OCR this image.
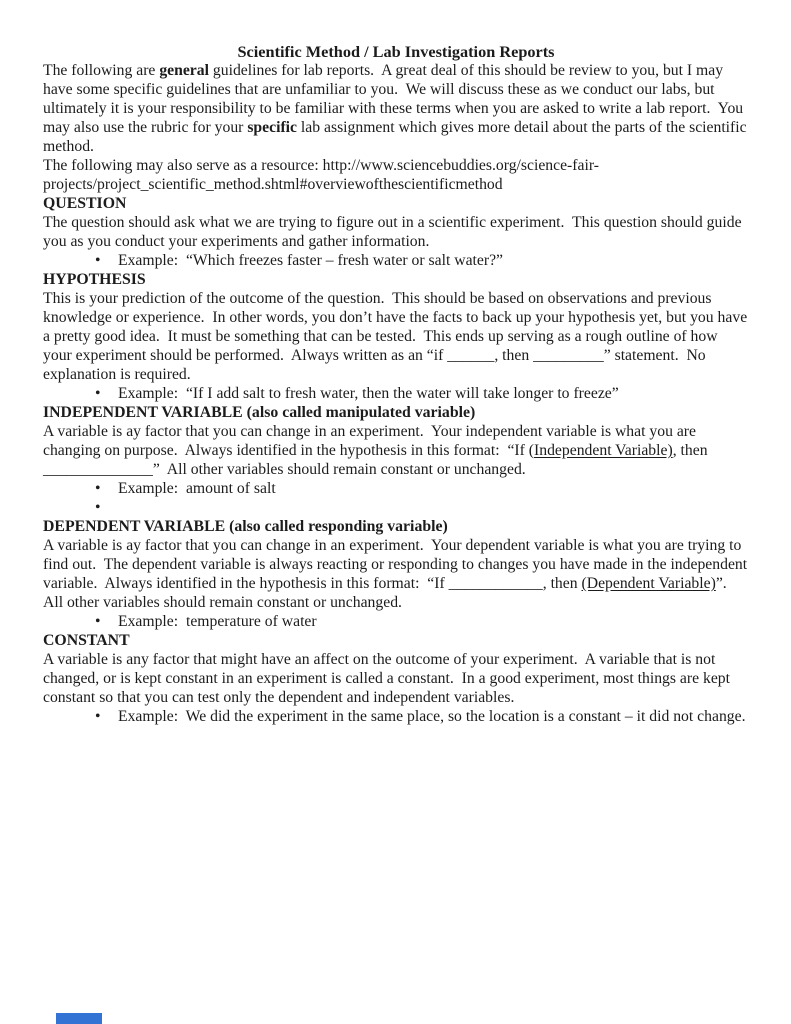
Scientific Method / Lab Investigation Reports

The following are general guidelines for lab reports.  A great deal of this should be review to you, but I may have some specific guidelines that are unfamiliar to you.  We will discuss these as we conduct our labs, but ultimately it is your responsibility to be familiar with these terms when you are asked to write a lab report.  You may also use the rubric for your specific lab assignment which gives more detail about the parts of the scientific method.

The following may also serve as a resource: http://www.sciencebuddies.org/science-fair-projects/project_scientific_method.shtml#overviewofthescientificmethod

QUESTION

The question should ask what we are trying to figure out in a scientific experiment.  This question should guide you as you conduct your experiments and gather information.

• Example:  “Which freezes faster – fresh water or salt water?”
HYPOTHESIS

This is your prediction of the outcome of the question.  This should be based on observations and previous knowledge or experience.  In other words, you don’t have the facts to back up your hypothesis yet, but you have a pretty good idea.  It must be something that can be tested.  This ends up serving as a rough outline of how your experiment should be performed.  Always written as an “if ______, then _________” statement.  No explanation is required.

• Example:  “If I add salt to fresh water, then the water will take longer to freeze”
INDEPENDENT VARIABLE (also called manipulated variable)

A variable is ay factor that you can change in an experiment.  Your independent variable is what you are changing on purpose.  Always identified in the hypothesis in this format:  “If (Independent Variable), then ______________”  All other variables should remain constant or unchanged.

• Example:  amount of salt
•
DEPENDENT VARIABLE (also called responding variable)

A variable is ay factor that you can change in an experiment.  Your dependent variable is what you are trying to find out.  The dependent variable is always reacting or responding to changes you have made in the independent variable.  Always identified in the hypothesis in this format:  “If ____________, then (Dependent Variable)”.  All other variables should remain constant or unchanged.

• Example:  temperature of water
CONSTANT

A variable is any factor that might have an affect on the outcome of your experiment.  A variable that is not changed, or is kept constant in an experiment is called a constant.  In a good experiment, most things are kept constant so that you can test only the dependent and independent variables.

• Example:  We did the experiment in the same place, so the location is a constant – it did not change.
